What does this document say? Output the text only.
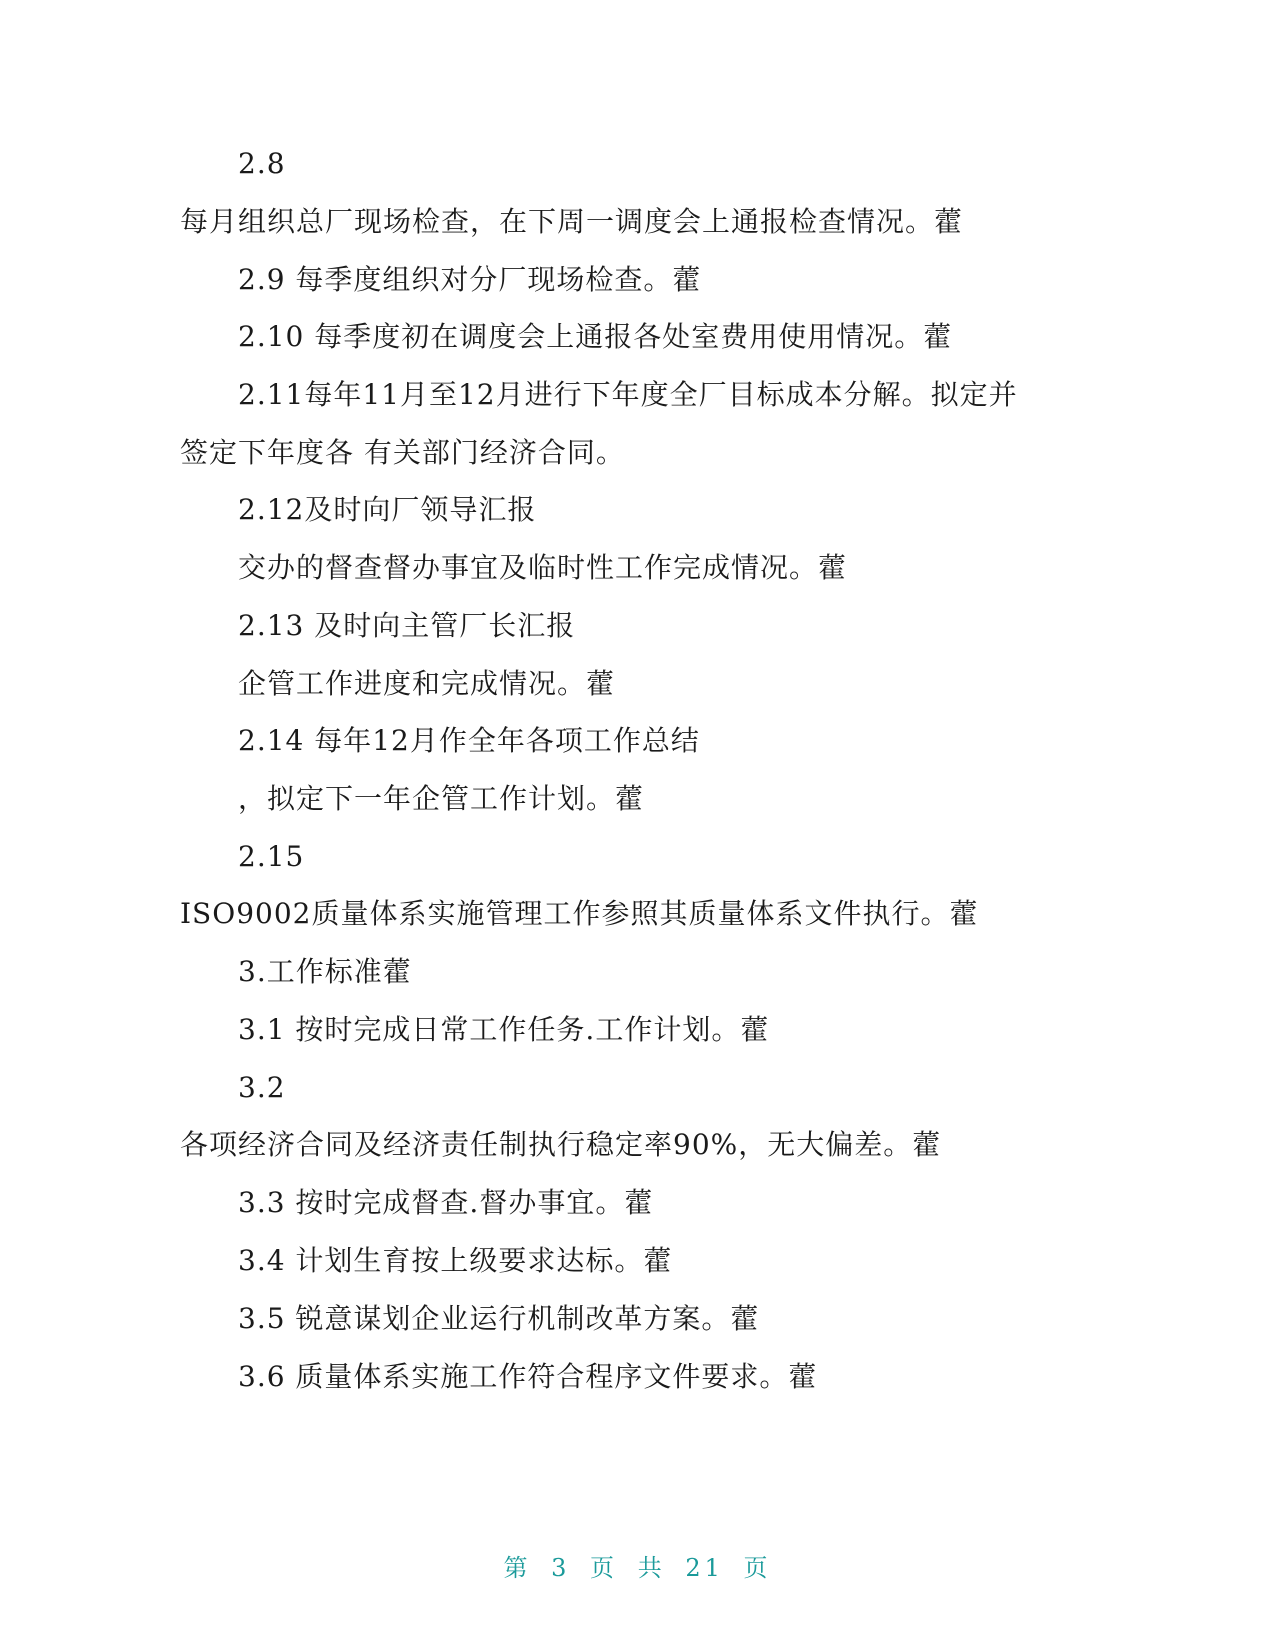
2.8
每月组织总厂现场检查，在下周一调度会上通报检查情况。藿
2.9 每季度组织对分厂现场检查。藿
2.10 每季度初在调度会上通报各处室费用使用情况。藿
2.11每年11月至12月进行下年度全厂目标成本分解。拟定并
签定下年度各 有关部门经济合同。
2.12及时向厂领导汇报
交办的督查督办事宜及临时性工作完成情况。藿
2.13 及时向主管厂长汇报
企管工作进度和完成情况。藿
2.14 每年12月作全年各项工作总结
，拟定下一年企管工作计划。藿
2.15
ISO9002质量体系实施管理工作参照其质量体系文件执行。藿
3.工作标准藿
3.1 按时完成日常工作任务.工作计划。藿
3.2
各项经济合同及经济责任制执行稳定率90%，无大偏差。藿
3.3 按时完成督查.督办事宜。藿
3.4 计划生育按上级要求达标。藿
3.5 锐意谋划企业运行机制改革方案。藿
3.6 质量体系实施工作符合程序文件要求。藿
第 3 页 共 21 页
